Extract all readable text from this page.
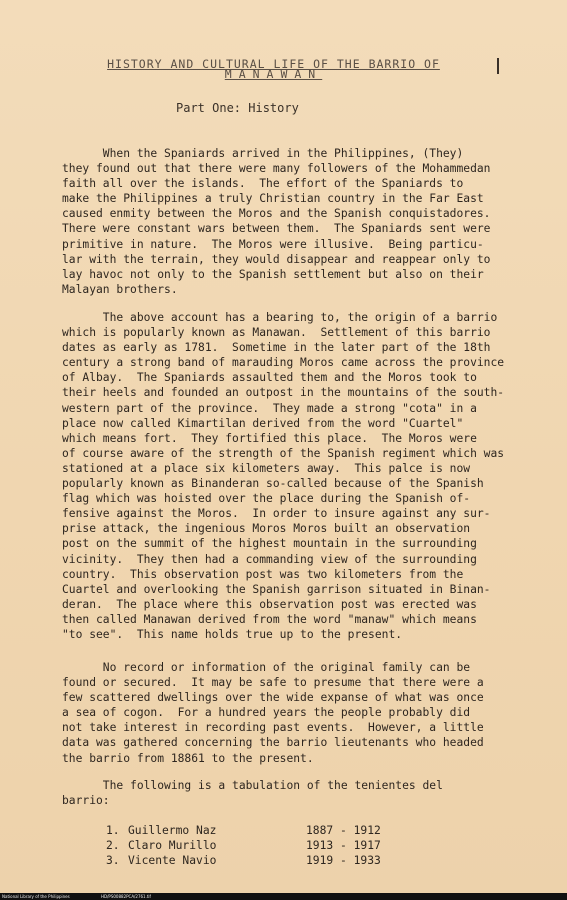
HISTORY AND CULTURAL LIFE OF THE BARRIO OF
MANAWAN
Part One: History
When the Spaniards arrived in the Philippines, (They)
they found out that there were many followers of the Mohammedan
faith all over the islands.  The effort of the Spaniards to
make the Philippines a truly Christian country in the Far East
caused enmity between the Moros and the Spanish conquistadores.
There were constant wars between them.  The Spaniards sent were
primitive in nature.  The Moros were illusive.  Being particu-
lar with the terrain, they would disappear and reappear only to
lay havoc not only to the Spanish settlement but also on their
Malayan brothers.
The above account has a bearing to, the origin of a barrio
which is popularly known as Manawan.  Settlement of this barrio
dates as early as 1781.  Sometime in the later part of the 18th
century a strong band of marauding Moros came across the province
of Albay.  The Spaniards assaulted them and the Moros took to
their heels and founded an outpost in the mountains of the south-
western part of the province.  They made a strong "cota" in a
place now called Kimartilan derived from the word "Cuartel"
which means fort.  They fortified this place.  The Moros were
of course aware of the strength of the Spanish regiment which was
stationed at a place six kilometers away.  This palce is now
popularly known as Binanderan so-called because of the Spanish
flag which was hoisted over the place during the Spanish of-
fensive against the Moros.  In order to insure against any sur-
prise attack, the ingenious Moros Moros built an observation
post on the summit of the highest mountain in the surrounding
vicinity.  They then had a commanding view of the surrounding
country.  This observation post was two kilometers from the
Cuartel and overlooking the Spanish garrison situated in Binan-
deran.  The place where this observation post was erected was
then called Manawan derived from the word "manaw" which means
"to see".  This name holds true up to the present.
No record or information of the original family can be
found or secured.  It may be safe to presume that there were a
few scattered dwellings over the wide expanse of what was once
a sea of cogon.  For a hundred years the people probably did
not take interest in recording past events.  However, a little
data was gathered concerning the barrio lieutenants who headed
the barrio from 18861 to the present.
The following is a tabulation of the tenientes del
barrio:
1. Guillermo Naz	1887 - 1912
2. Claro Murillo	1913 - 1917
3. Vicente Navio	1919 - 1933
National Library of the Philippines	HD/PS00882PCA/2761.tif
